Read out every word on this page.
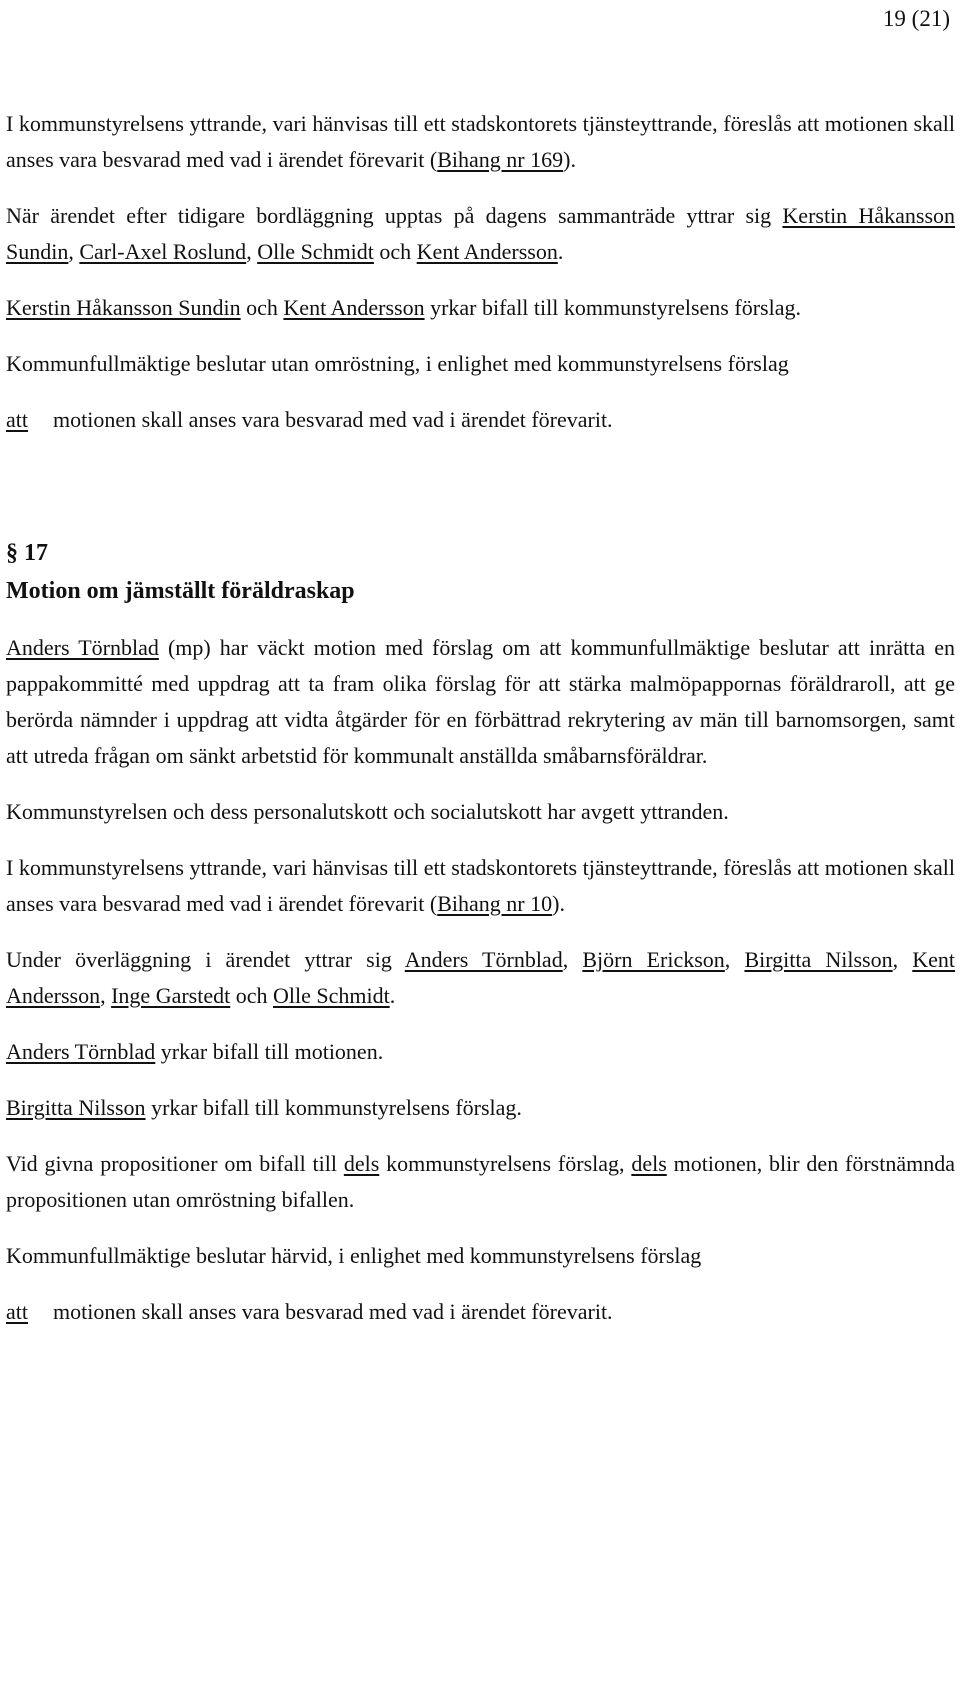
19 (21)

I kommunstyrelsens yttrande, vari hänvisas till ett stadskontorets tjänsteyttrande, föreslås att motionen skall anses vara besvarad med vad i ärendet förevarit (Bihang nr 169).

När ärendet efter tidigare bordläggning upptas på dagens sammanträde yttrar sig Kerstin Håkansson Sundin, Carl-Axel Roslund, Olle Schmidt och Kent Andersson.

Kerstin Håkansson Sundin och Kent Andersson yrkar bifall till kommunstyrelsens förslag.

Kommunfullmäktige beslutar utan omröstning, i enlighet med kommunstyrelsens förslag

att	motionen skall anses vara besvarad med vad i ärendet förevarit.
§ 17
Motion om jämställt föräldraskap

Anders Törnblad (mp) har väckt motion med förslag om att kommunfullmäktige beslutar att inrätta en pappakommitté med uppdrag att ta fram olika förslag för att stärka malmöpappornas föräldraroll, att ge berörda nämnder i uppdrag att vidta åtgärder för en förbättrad rekrytering av män till barnomsorgen, samt att utreda frågan om sänkt arbetstid för kommunalt anställda småbarnsföräldrar.

Kommunstyrelsen och dess personalutskott och socialutskott har avgett yttranden.

I kommunstyrelsens yttrande, vari hänvisas till ett stadskontorets tjänsteyttrande, föreslås att motionen skall anses vara besvarad med vad i ärendet förevarit (Bihang nr 10).

Under överläggning i ärendet yttrar sig Anders Törnblad, Björn Erickson, Birgitta Nilsson, Kent Andersson, Inge Garstedt och Olle Schmidt.

Anders Törnblad yrkar bifall till motionen.

Birgitta Nilsson yrkar bifall till kommunstyrelsens förslag.

Vid givna propositioner om bifall till dels kommunstyrelsens förslag, dels motionen, blir den förstnämnda propositionen utan omröstning bifallen.

Kommunfullmäktige beslutar härvid, i enlighet med kommunstyrelsens förslag

att	motionen skall anses vara besvarad med vad i ärendet förevarit.
